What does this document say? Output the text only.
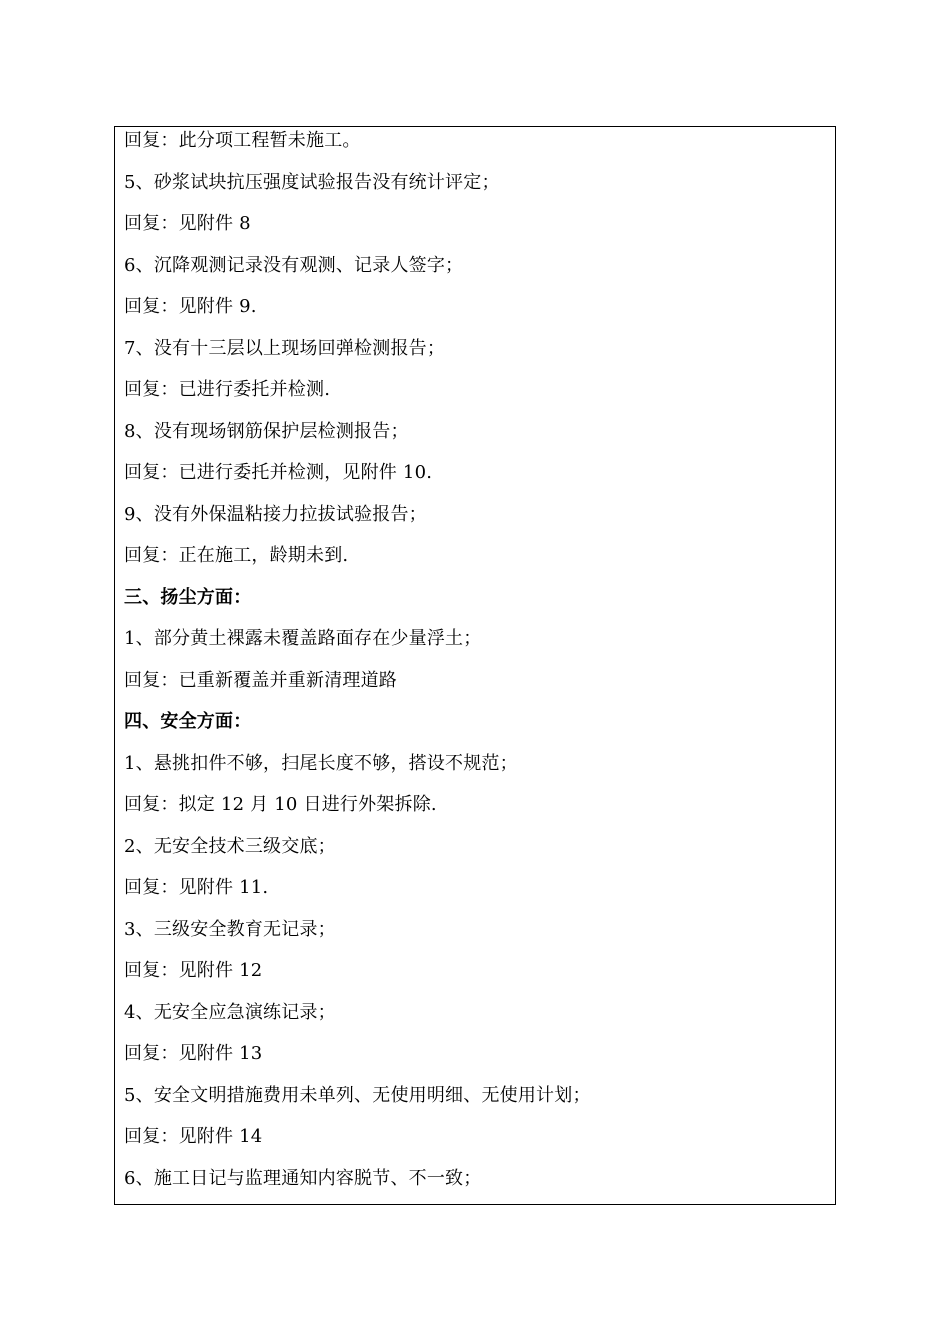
回复：此分项工程暂未施工。
5、砂浆试块抗压强度试验报告没有统计评定；
回复：见附件 8
6、沉降观测记录没有观测、记录人签字；
回复：见附件 9.
7、没有十三层以上现场回弹检测报告；
回复：已进行委托并检测.
8、没有现场钢筋保护层检测报告；
回复：已进行委托并检测，见附件 10.
9、没有外保温粘接力拉拔试验报告；
回复：正在施工，龄期未到.
三、扬尘方面：
1、部分黄土裸露未覆盖路面存在少量浮土；
回复：已重新覆盖并重新清理道路
四、安全方面：
1、悬挑扣件不够，扫尾长度不够，搭设不规范；
回复：拟定 12 月 10 日进行外架拆除.
2、无安全技术三级交底；
回复：见附件 11.
3、三级安全教育无记录；
回复：见附件 12
4、无安全应急演练记录；
回复：见附件 13
5、安全文明措施费用未单列、无使用明细、无使用计划；
回复：见附件 14
6、施工日记与监理通知内容脱节、不一致；
